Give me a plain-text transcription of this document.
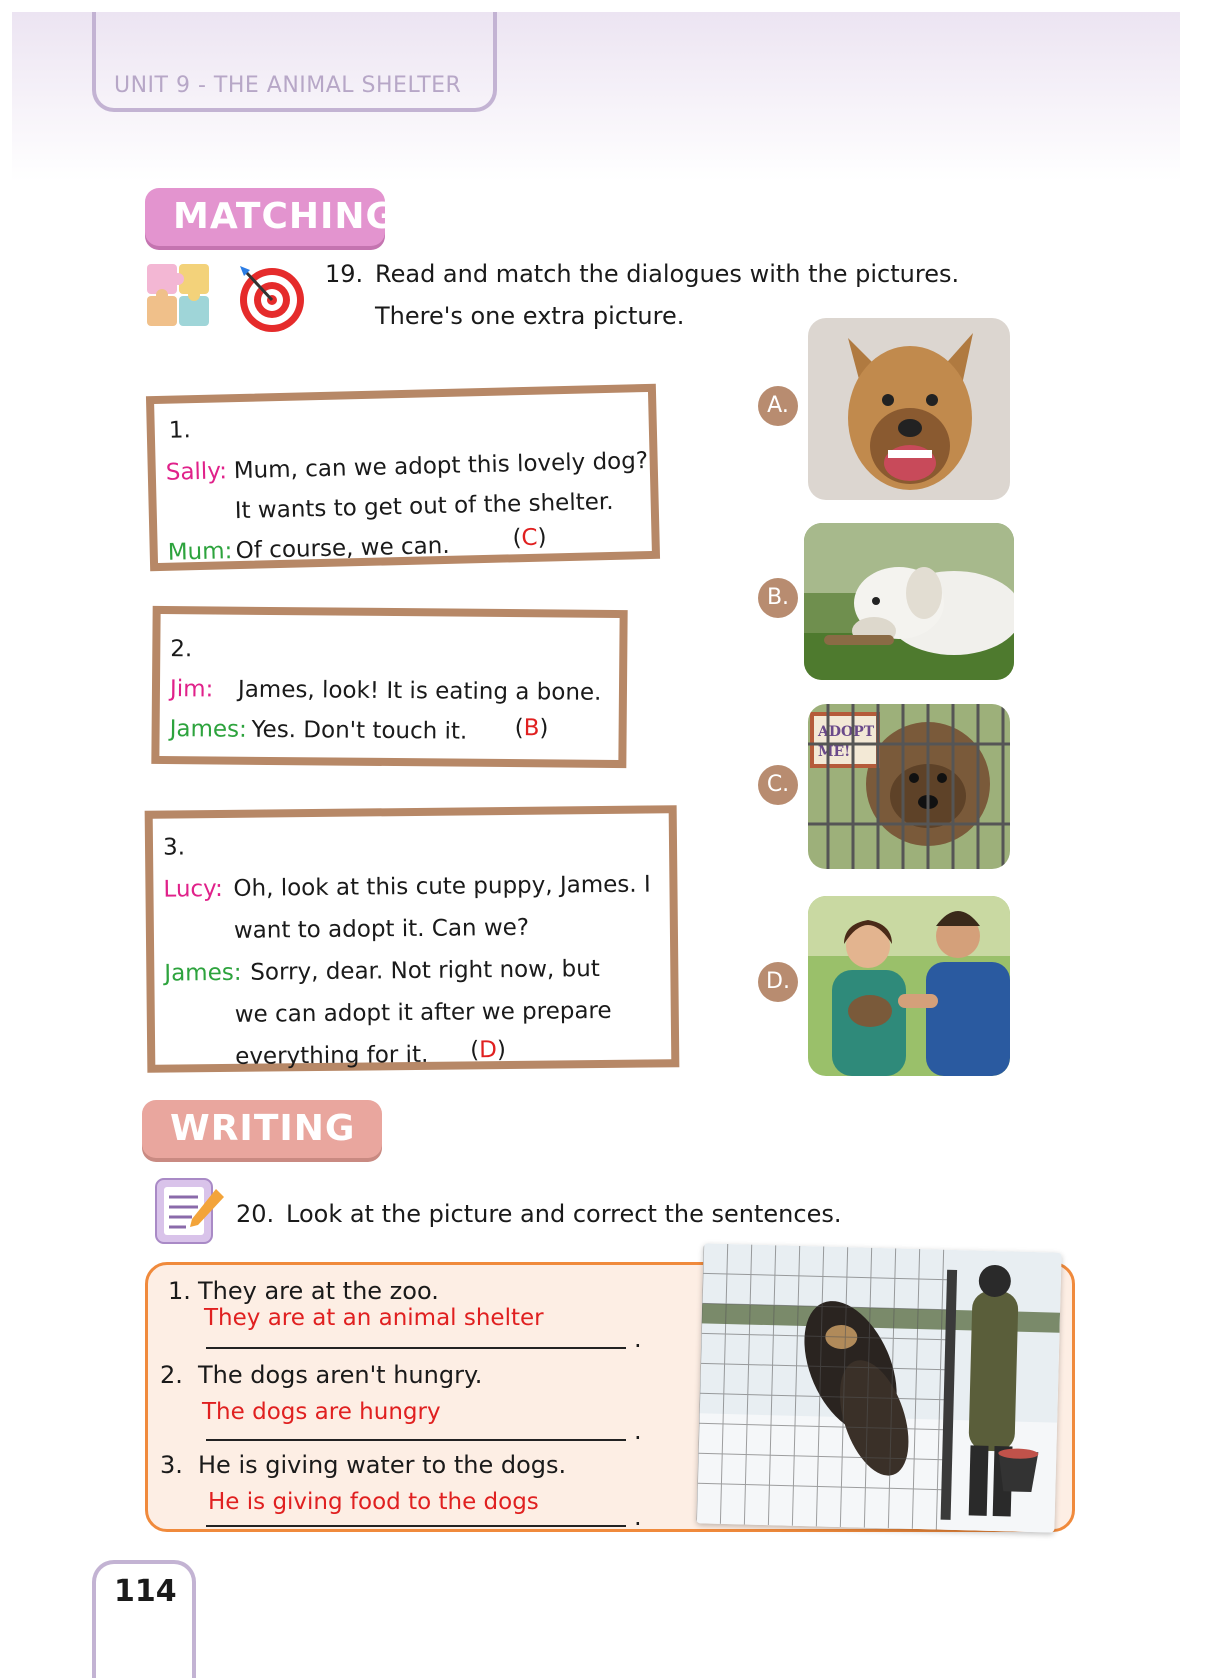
UNIT 9 - THE ANIMAL SHELTER
MATCHING
19. Read and match the dialogues with the pictures.
There's one extra picture.
1.
Sally: Mum, can we adopt this lovely dog?
It wants to get out of the shelter.
Mum: Of course, we can.	(C)
2.
Jim: James, look! It is eating a bone.
James: Yes. Don't touch it. (B)
3.
Lucy: Oh, look at this cute puppy, James. I
want to adopt it. Can we?
James: Sorry, dear. Not right now, but
we can adopt it after we prepare
everything for it. (D)
A.
B.
C.
ADOPT
ME!
D.
WRITING
20. Look at the picture and correct the sentences.
1. They are at the zoo.
They are at an animal shelter
.
2. The dogs aren't hungry.
The dogs are hungry
.
3. He is giving water to the dogs.
He is giving food to the dogs
.
114
